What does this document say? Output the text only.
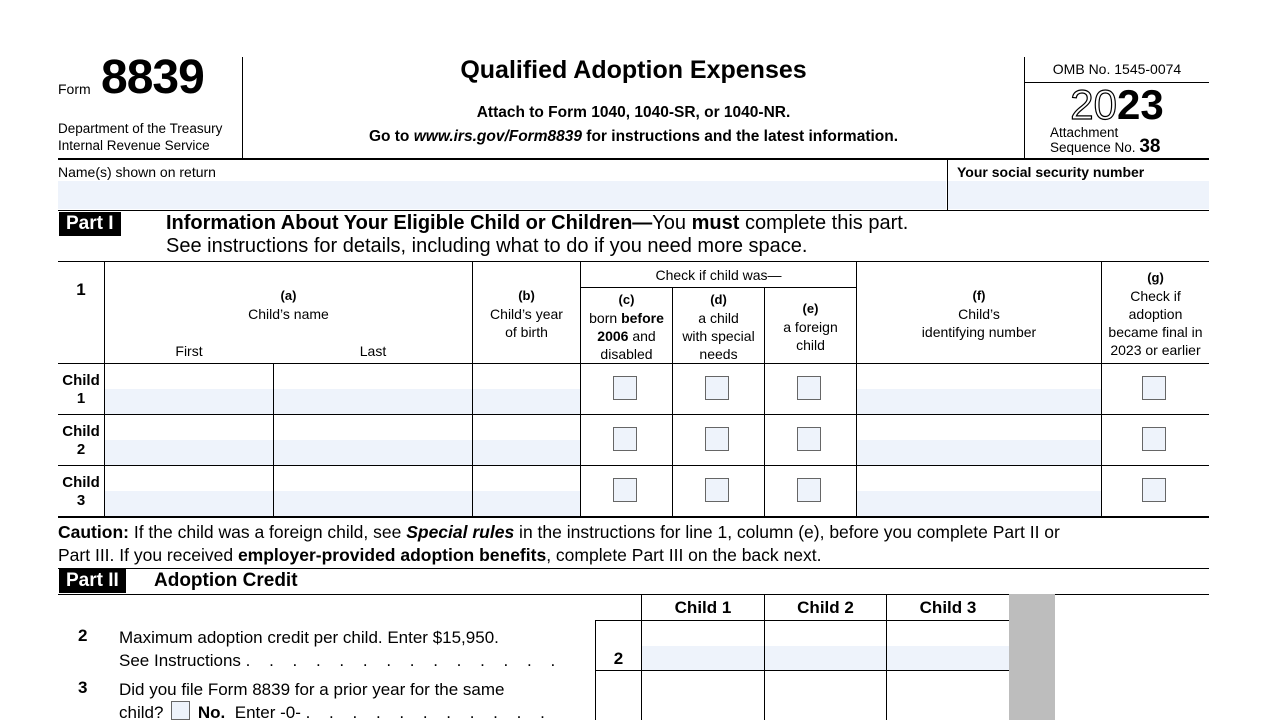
Form 8839
Department of the Treasury
Internal Revenue Service
Qualified Adoption Expenses
Attach to Form 1040, 1040-SR, or 1040-NR.
Go to www.irs.gov/Form8839 for instructions and the latest information.
OMB No. 1545-0074
2023
Attachment
Sequence No. 38
Name(s) shown on return	Your social security number
Part I	Information About Your Eligible Child or Children—You must complete this part.
See instructions for details, including what to do if you need more space.
1	(a)
Child’s name
First	Last
(b)
Child’s year
of birth
Check if child was—
(c)
born before
2006 and
disabled
(d)
a child
with special
needs
(e)
a foreign
child
(f)
Child’s
identifying number
(g)
Check if
adoption
became final in
2023 or earlier
Child
1
Child
2
Child
3
Caution: If the child was a foreign child, see Special rules in the instructions for line 1, column (e), before you complete Part II or
Part III. If you received employer-provided adoption benefits, complete Part III on the back next.
Part II	Adoption Credit
Child 1	Child 2	Child 3
2 Maximum adoption credit per child. Enter $15,950.
See Instructions . . . . . . . . . . . . . .	2
3 Did you file Form 8839 for a prior year for the same
child? No. Enter -0- . . . . . . . . . . .
